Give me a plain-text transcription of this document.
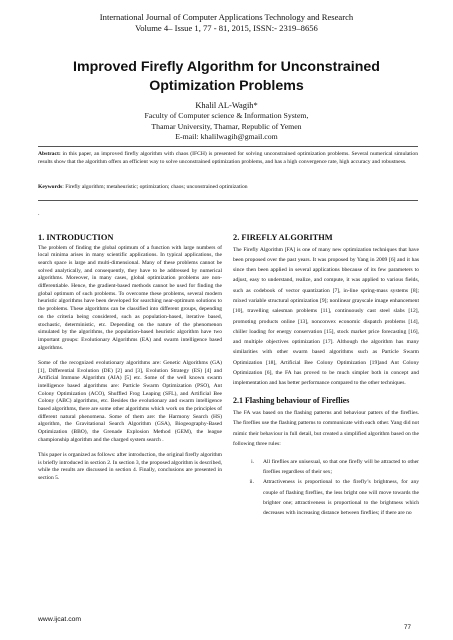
International Journal of Computer Applications Technology and Research
Volume 4– Issue 1, 77 - 81, 2015, ISSN:- 2319–8656
Improved Firefly Algorithm for Unconstrained Optimization Problems
Khalil AL-Wagih*
Faculty of Computer science & Information System,
Thamar University, Thamar, Republic of Yemen
E-mail: khalilwagih@gmail.com
Abstract: in this paper, an improved firefly algorithm with chaos (IFCH) is presented for solving unconstrained optimization problems. Several numerical simulation results show that the algorithm offers an efficient way to solve unconstrained optimization problems, and has a high convergence rate, high accuracy and robustness.
Keywords: Firefly algorithm; metaheuristic; optimization; chaos; unconstrained optimization
.
1. INTRODUCTION

The problem of finding the global optimum of a function with large numbers of local minima arises in many scientific applications. In typical applications, the search space is large and multi-dimensional. Many of these problems cannot be solved analytically, and consequently, they have to be addressed by numerical algorithms. Moreover, in many cases, global optimization problems are non-differentiable. Hence, the gradient-based methods cannot be used for finding the global optimum of such problems. To overcome these problems, several modern heuristic algorithms have been developed for searching near-optimum solutions to the problems. These algorithms can be classified into different groups, depending on the criteria being considered, such as population-based, iterative based, stochastic, deterministic, etc. Depending on the nature of the phenomenon simulated by the algorithms, the population-based heuristic algorithm have two important groups: Evolutionary Algorithms (EA) and swarm intelligence based algorithms.

Some of the recognized evolutionary algorithms are: Genetic Algorithms (GA) [1], Differential Evolution (DE) [2] and [3], Evolution Strategy (ES) [4] and Artificial Immune Algorithm (AIA) [5] etc. Some of the well known swarm intelligence based algorithms are: Particle Swarm Optimization (PSO), Ant Colony Optimization (ACO), Shuffled Frog Leaping (SFL), and Artificial Bee Colony (ABC) algorithms, etc. Besides the evolutionary and swarm intelligence based algorithms, there are some other algorithms which work on the principles of different natural phenomena. Some of them are: the Harmony Search (HS) algorithm, the Gravitational Search Algorithm (GSA), Biogeography-Based Optimization (BBO), the Grenade Explosion Method (GEM), the league championship algorithm and the charged system search .

This paper is organized as follows: after introduction, the original firefly algorithm is briefly introduced in section 2. In section 3, the proposed algorithm is described, while the results are discussed in section 4. Finally, conclusions are presented in section 5.

2. FIREFLY ALGORITHM

The Firefly Algorithm [FA] is one of many new optimization techniques that have been proposed over the past years. It was proposed by Yang in 2009 [6] and it has since then been applied in several applications bbecause of its few parameters to adjust, easy to understand, realize, and compute, it was applied to various fields, such as codebook of vector quantization [7], in-line spring-mass systems [8]; mixed variable structural optimization [9]; nonlinear grayscale image enhancement [10], travelling salesman problems [11], continuously cast steel slabs [12], promoting products online [13], nonconvex economic dispatch problems [14], chiller loading for energy conservation [15], stock market price forecasting [16], and multiple objectives optimization [17]. Although the algorithm has many similarities with other swarm based algorithms such as Particle Swarm Optimization [18], Artificial Bee Colony Optimization [19]and Ant Colony Optimization [6], the FA has proved to be much simpler both in concept and implementation and has better performance compared to the other techniques.

2.1 Flashing behaviour of Fireflies

The FA was based on the flashing patterns and behaviour patters of the fireflies. The fireflies use the flashing patterns to communicate with each other. Yang did not mimic their behaviour in full detail, but created a simplified algorithm based on the following three rules:

i.	All fireflies are unisexual, so that one firefly will be attracted to other fireflies regardless of their sex;
ii.	Attractiveness is proportional to the firefly’s brightness, for any couple of flashing fireflies, the less bright one will move towards the brighter one; attractiveness is proportional to the brightness which decreases with increasing distance between fireflies; if there are no
www.ijcat.com
77
